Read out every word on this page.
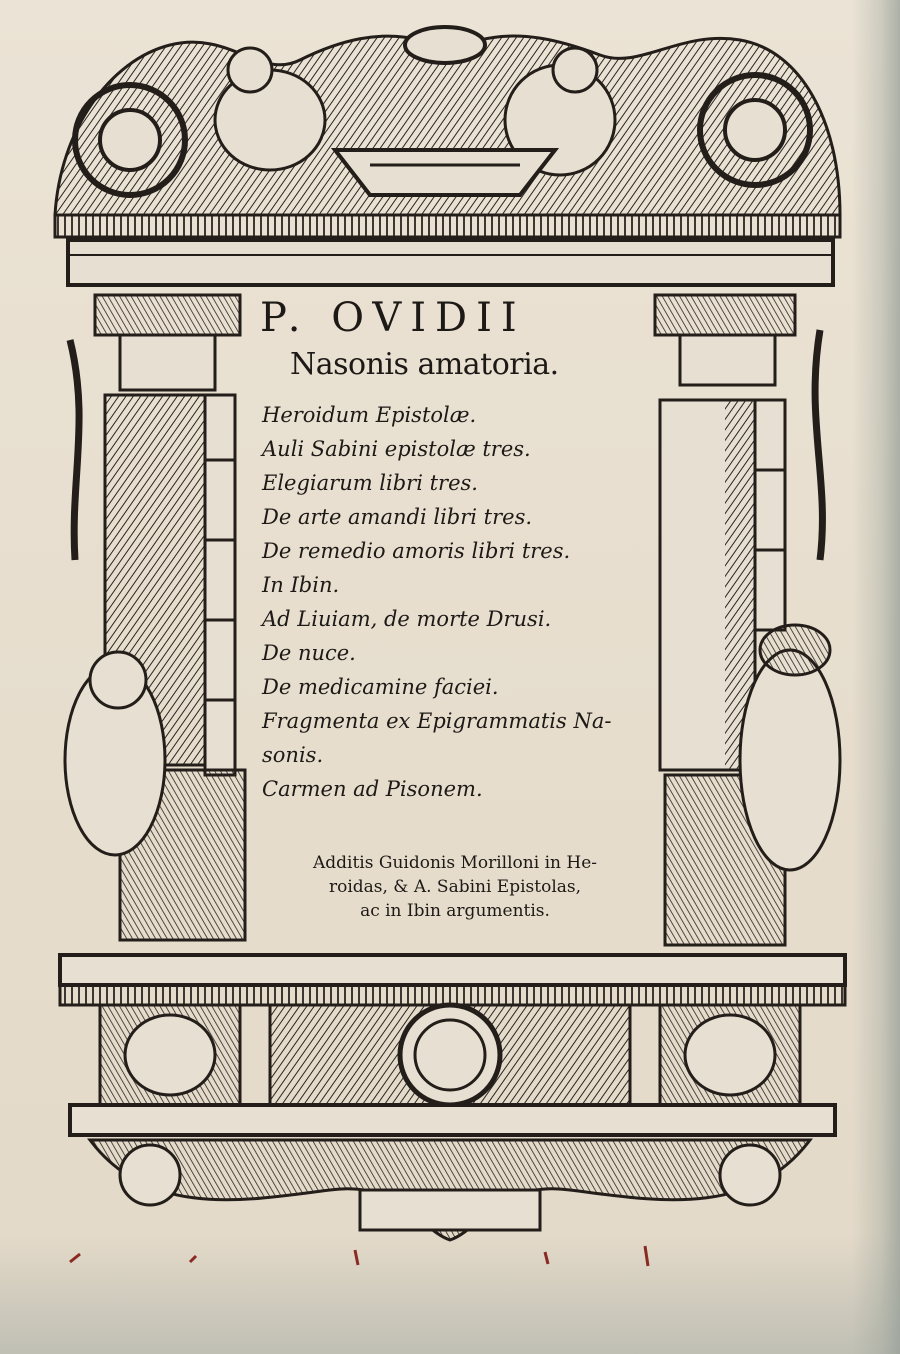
P. OVIDII
Nasonis amatoria.
Heroidum Epistolæ.
Auli Sabini epistolæ tres.
Elegiarum libri tres.
De arte amandi libri tres.
De remedio amoris libri tres.
In Ibin.
Ad Liuiam, de morte Drusi.
De nuce.
De medicamine faciei.
Fragmenta ex Epigrammatis Na-
sonis.
Carmen ad Pisonem.
Additis Guidonis Morilloni in He-
roidas, & A. Sabini Epistolas,
ac in Ibin argumentis.
